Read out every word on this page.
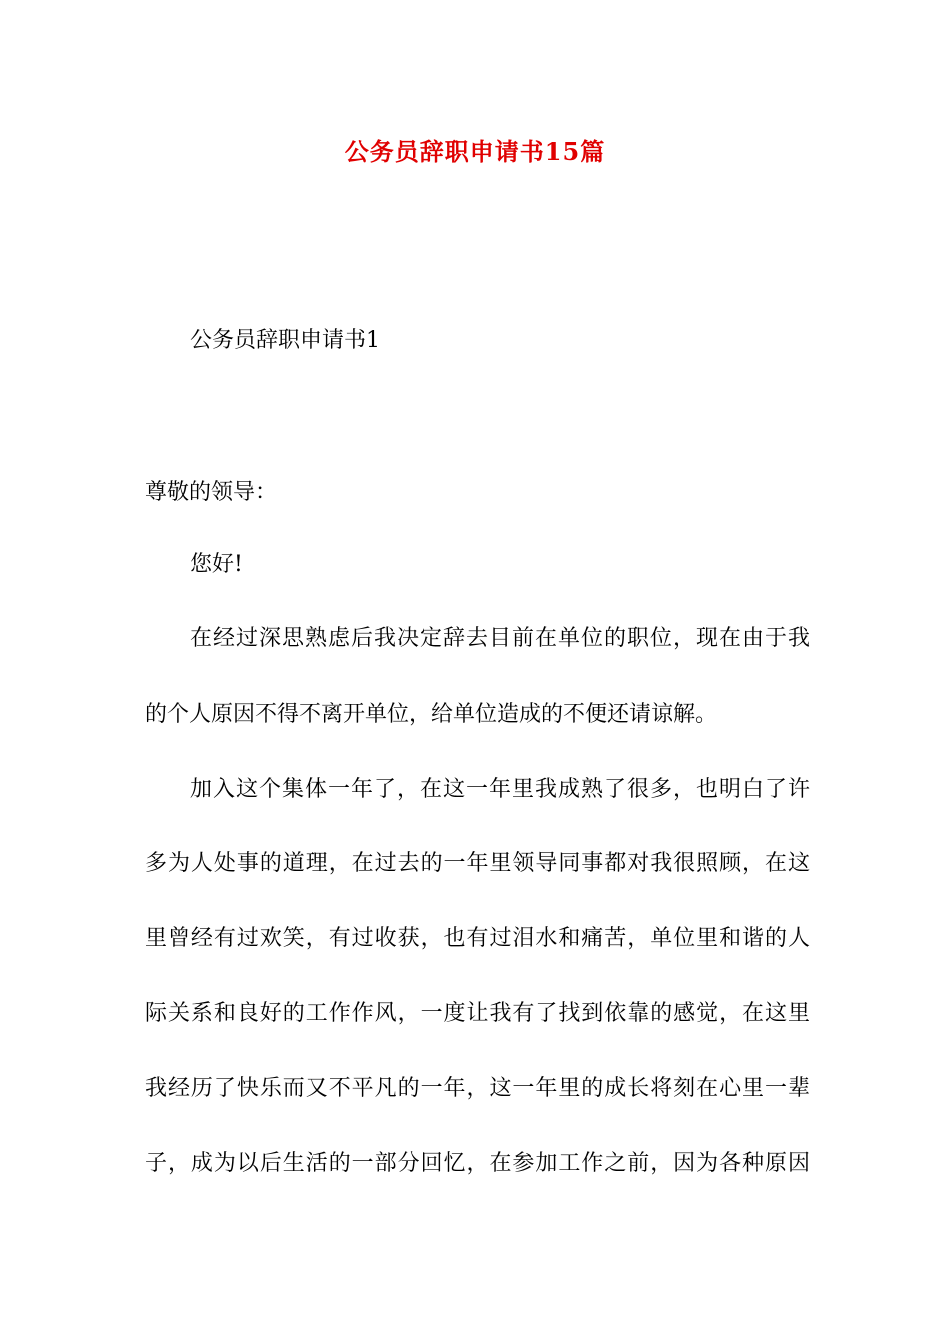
公务员辞职申请书15篇
公务员辞职申请书1
尊敬的领导：
您好!
在经过深思熟虑后我决定辞去目前在单位的职位，现在由于我
的个人原因不得不离开单位，给单位造成的不便还请谅解。
加入这个集体一年了，在这一年里我成熟了很多，也明白了许
多为人处事的道理，在过去的一年里领导同事都对我很照顾，在这
里曾经有过欢笑，有过收获，也有过泪水和痛苦，单位里和谐的人
际关系和良好的工作作风，一度让我有了找到依靠的感觉，在这里
我经历了快乐而又不平凡的一年，这一年里的成长将刻在心里一辈
子，成为以后生活的一部分回忆，在参加工作之前，因为各种原因
